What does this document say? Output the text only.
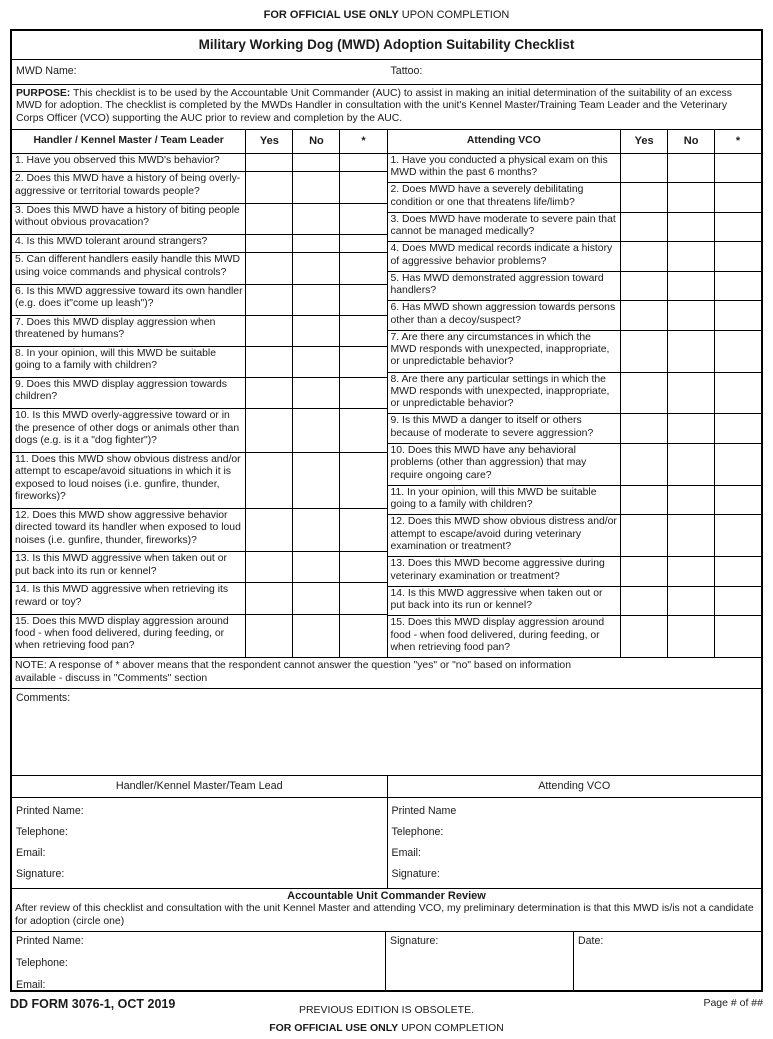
FOR OFFICIAL USE ONLY UPON COMPLETION
Military Working Dog (MWD) Adoption Suitability Checklist
MWD Name:	Tattoo:
PURPOSE: This checklist is to be used by the Accountable Unit Commander (AUC) to assist in making an initial determination of the suitability of an excess MWD for adoption. The checklist is completed by the MWDs Handler in consultation with the unit's Kennel Master/Training Team Leader and the Veterinary Corps Officer (VCO) supporting the AUC prior to review and completion by the AUC.
Handler / Kennel Master / Team Leader	Yes	No	*
1. Have you observed this MWD's behavior?
2. Does this MWD have a history of being overly-aggressive or territorial towards people?
3. Does this MWD have a history of biting people without obvious provacation?
4. Is this MWD tolerant around strangers?
5. Can different handlers easily handle this MWD using voice commands and physical controls?
6. Is this MWD aggressive toward its own handler (e.g. does it"come up leash")?
7. Does this MWD display aggression when threatened by humans?
8. In your opinion, will this MWD be suitable going to a family with children?
9. Does this MWD display aggression towards children?
10. Is this MWD overly-aggressive toward or in the presence of other dogs or animals other than dogs (e.g. is it a "dog fighter")?
11. Does this MWD show obvious distress and/or attempt to escape/avoid situations in which it is exposed to loud noises (i.e. gunfire, thunder, fireworks)?
12. Does this MWD show aggressive behavior directed toward its handler when exposed to loud noises (i.e. gunfire, thunder, fireworks)?
13. Is this MWD aggressive when taken out or put back into its run or kennel?
14. Is this MWD aggressive when retrieving its reward or toy?
15. Does this MWD display aggression around food - when food delivered, during feeding, or when retrieving food pan?
Attending VCO	Yes	No	*
1. Have you conducted a physical exam on this MWD within the past 6 months?
2. Does MWD have a severely debilitating condition or one that threatens life/limb?
3. Does MWD have moderate to severe pain that cannot be managed medically?
4. Does MWD medical records indicate a history of aggressive behavior problems?
5. Has MWD demonstrated aggression toward handlers?
6. Has MWD shown aggression towards persons other than a decoy/suspect?
7. Are there any circumstances in which the MWD responds with unexpected, inappropriate, or unpredictable behavior?
8. Are there any particular settings in which the MWD responds with unexpected, inappropriate, or unpredictable behavior?
9. Is this MWD a danger to itself or others because of moderate to severe aggression?
10. Does this MWD have any behavioral problems (other than aggression) that may require ongoing care?
11. In your opinion, will this MWD be suitable going to a family with children?
12. Does this MWD show obvious distress and/or attempt to escape/avoid during veterinary examination or treatment?
13. Does this MWD become aggressive during veterinary examination or treatment?
14. Is this MWD aggressive when taken out or put back into its run or kennel?
15. Does this MWD display aggression around food - when food delivered, during feeding, or when retrieving food pan?
NOTE: A response of * abover means that the respondent cannot answer the question "yes" or "no" based on information
available - discuss in "Comments" section
Comments:
Handler/Kennel Master/Team Lead	Attending VCO
Printed Name:
Telephone:
Email:
Signature:
Printed Name
Telephone:
Email:
Signature:
Accountable Unit Commander Review
After review of this checklist and consultation with the unit Kennel Master and attending VCO, my preliminary determination is that this MWD is/is not a candidate
for adoption (circle one)
Printed Name:
Telephone:
Email:
Signature:	Date:
DD FORM 3076-1, OCT 2019	Page # of ##
PREVIOUS EDITION IS OBSOLETE.
FOR OFFICIAL USE ONLY UPON COMPLETION
